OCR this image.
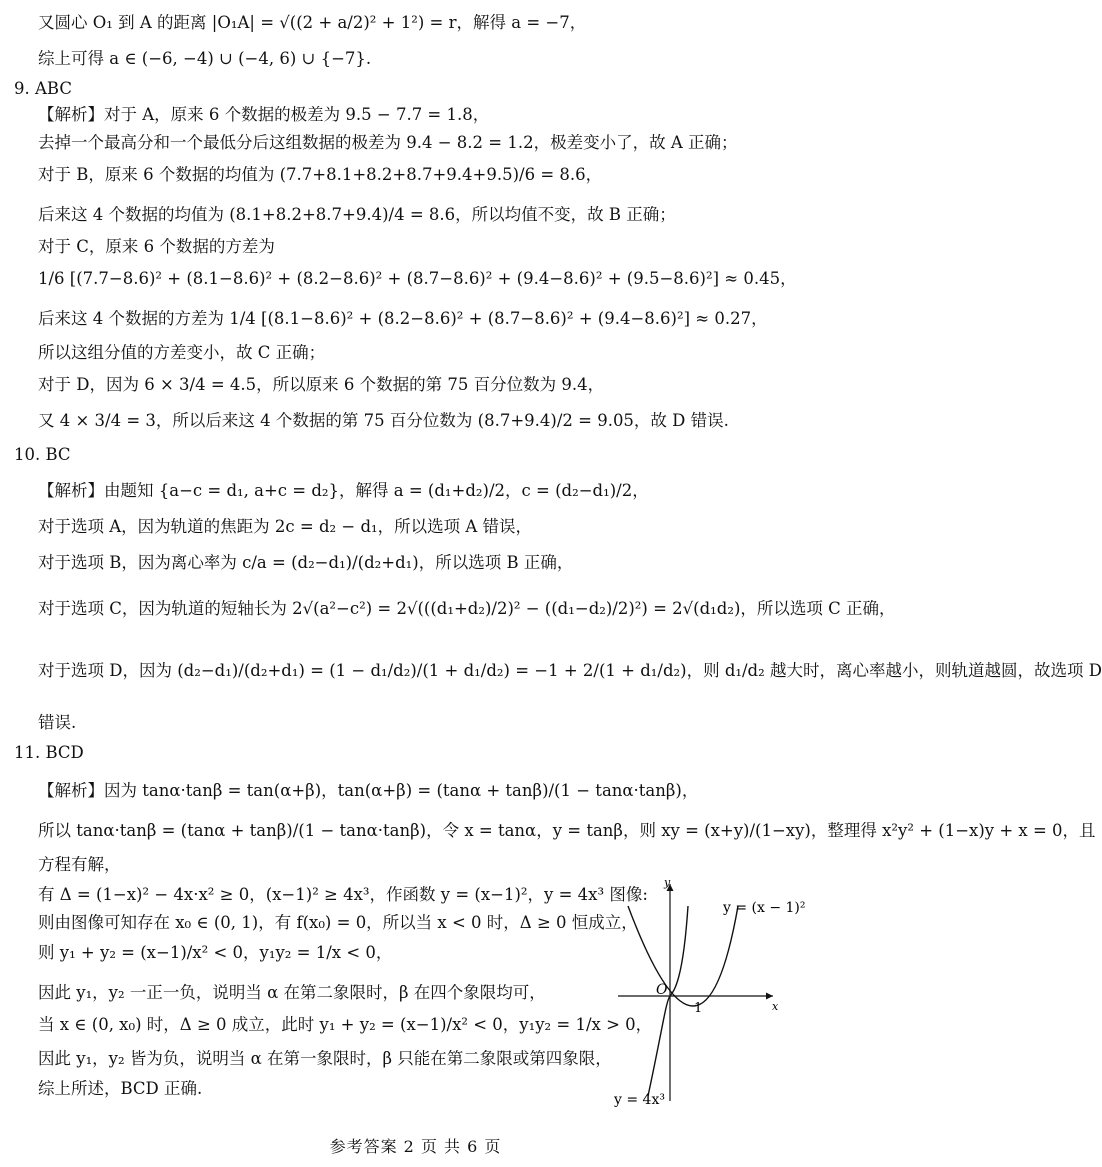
又圆心 O₁ 到 A 的距离 |O₁A| = √((2 + a/2)² + 1²) = r，解得 a = −7，
综上可得 a ∈ (−6, −4) ∪ (−4, 6) ∪ {−7}.
9. ABC
【解析】对于 A，原来 6 个数据的极差为 9.5 − 7.7 = 1.8，
去掉一个最高分和一个最低分后这组数据的极差为 9.4 − 8.2 = 1.2，极差变小了，故 A 正确；
对于 B，原来 6 个数据的均值为 (7.7+8.1+8.2+8.7+9.4+9.5)/6 = 8.6，
后来这 4 个数据的均值为 (8.1+8.2+8.7+9.4)/4 = 8.6，所以均值不变，故 B 正确；
对于 C，原来 6 个数据的方差为
1/6 [(7.7−8.6)² + (8.1−8.6)² + (8.2−8.6)² + (8.7−8.6)² + (9.4−8.6)² + (9.5−8.6)²] ≈ 0.45，
后来这 4 个数据的方差为 1/4 [(8.1−8.6)² + (8.2−8.6)² + (8.7−8.6)² + (9.4−8.6)²] ≈ 0.27，
所以这组分值的方差变小，故 C 正确；
对于 D，因为 6 × 3/4 = 4.5，所以原来 6 个数据的第 75 百分位数为 9.4，
又 4 × 3/4 = 3，所以后来这 4 个数据的第 75 百分位数为 (8.7+9.4)/2 = 9.05，故 D 错误.
10. BC
【解析】由题知 {a−c = d₁, a+c = d₂}，解得 a = (d₁+d₂)/2，c = (d₂−d₁)/2，
对于选项 A，因为轨道的焦距为 2c = d₂ − d₁，所以选项 A 错误，
对于选项 B，因为离心率为 c/a = (d₂−d₁)/(d₂+d₁)，所以选项 B 正确，
对于选项 C，因为轨道的短轴长为 2√(a²−c²) = 2√(((d₁+d₂)/2)² − ((d₁−d₂)/2)²) = 2√(d₁d₂)，所以选项 C 正确，
对于选项 D，因为 (d₂−d₁)/(d₂+d₁) = (1 − d₁/d₂)/(1 + d₁/d₂) = −1 + 2/(1 + d₁/d₂)，则 d₁/d₂ 越大时，离心率越小，则轨道越圆，故选项 D
错误.
11. BCD
【解析】因为 tanα·tanβ = tan(α+β)，tan(α+β) = (tanα + tanβ)/(1 − tanα·tanβ)，
所以 tanα·tanβ = (tanα + tanβ)/(1 − tanα·tanβ)，令 x = tanα，y = tanβ，则 xy = (x+y)/(1−xy)，整理得 x²y² + (1−x)y + x = 0，且
方程有解，
有 Δ = (1−x)² − 4x·x² ≥ 0，(x−1)² ≥ 4x³，作函数 y = (x−1)²，y = 4x³ 图像:
则由图像可知存在 x₀ ∈ (0, 1)，有 f(x₀) = 0，所以当 x < 0 时，Δ ≥ 0 恒成立，
则 y₁ + y₂ = (x−1)/x² < 0，y₁y₂ = 1/x < 0，
因此 y₁，y₂ 一正一负，说明当 α 在第二象限时，β 在四个象限均可，
当 x ∈ (0, x₀) 时，Δ ≥ 0 成立，此时 y₁ + y₂ = (x−1)/x² < 0，y₁y₂ = 1/x > 0，
因此 y₁，y₂ 皆为负，说明当 α 在第一象限时，β 只能在第二象限或第四象限，
综上所述，BCD 正确.
y
x
O
1
y = (x − 1)²
y = 4x³
参考答案 2 页 共 6 页
